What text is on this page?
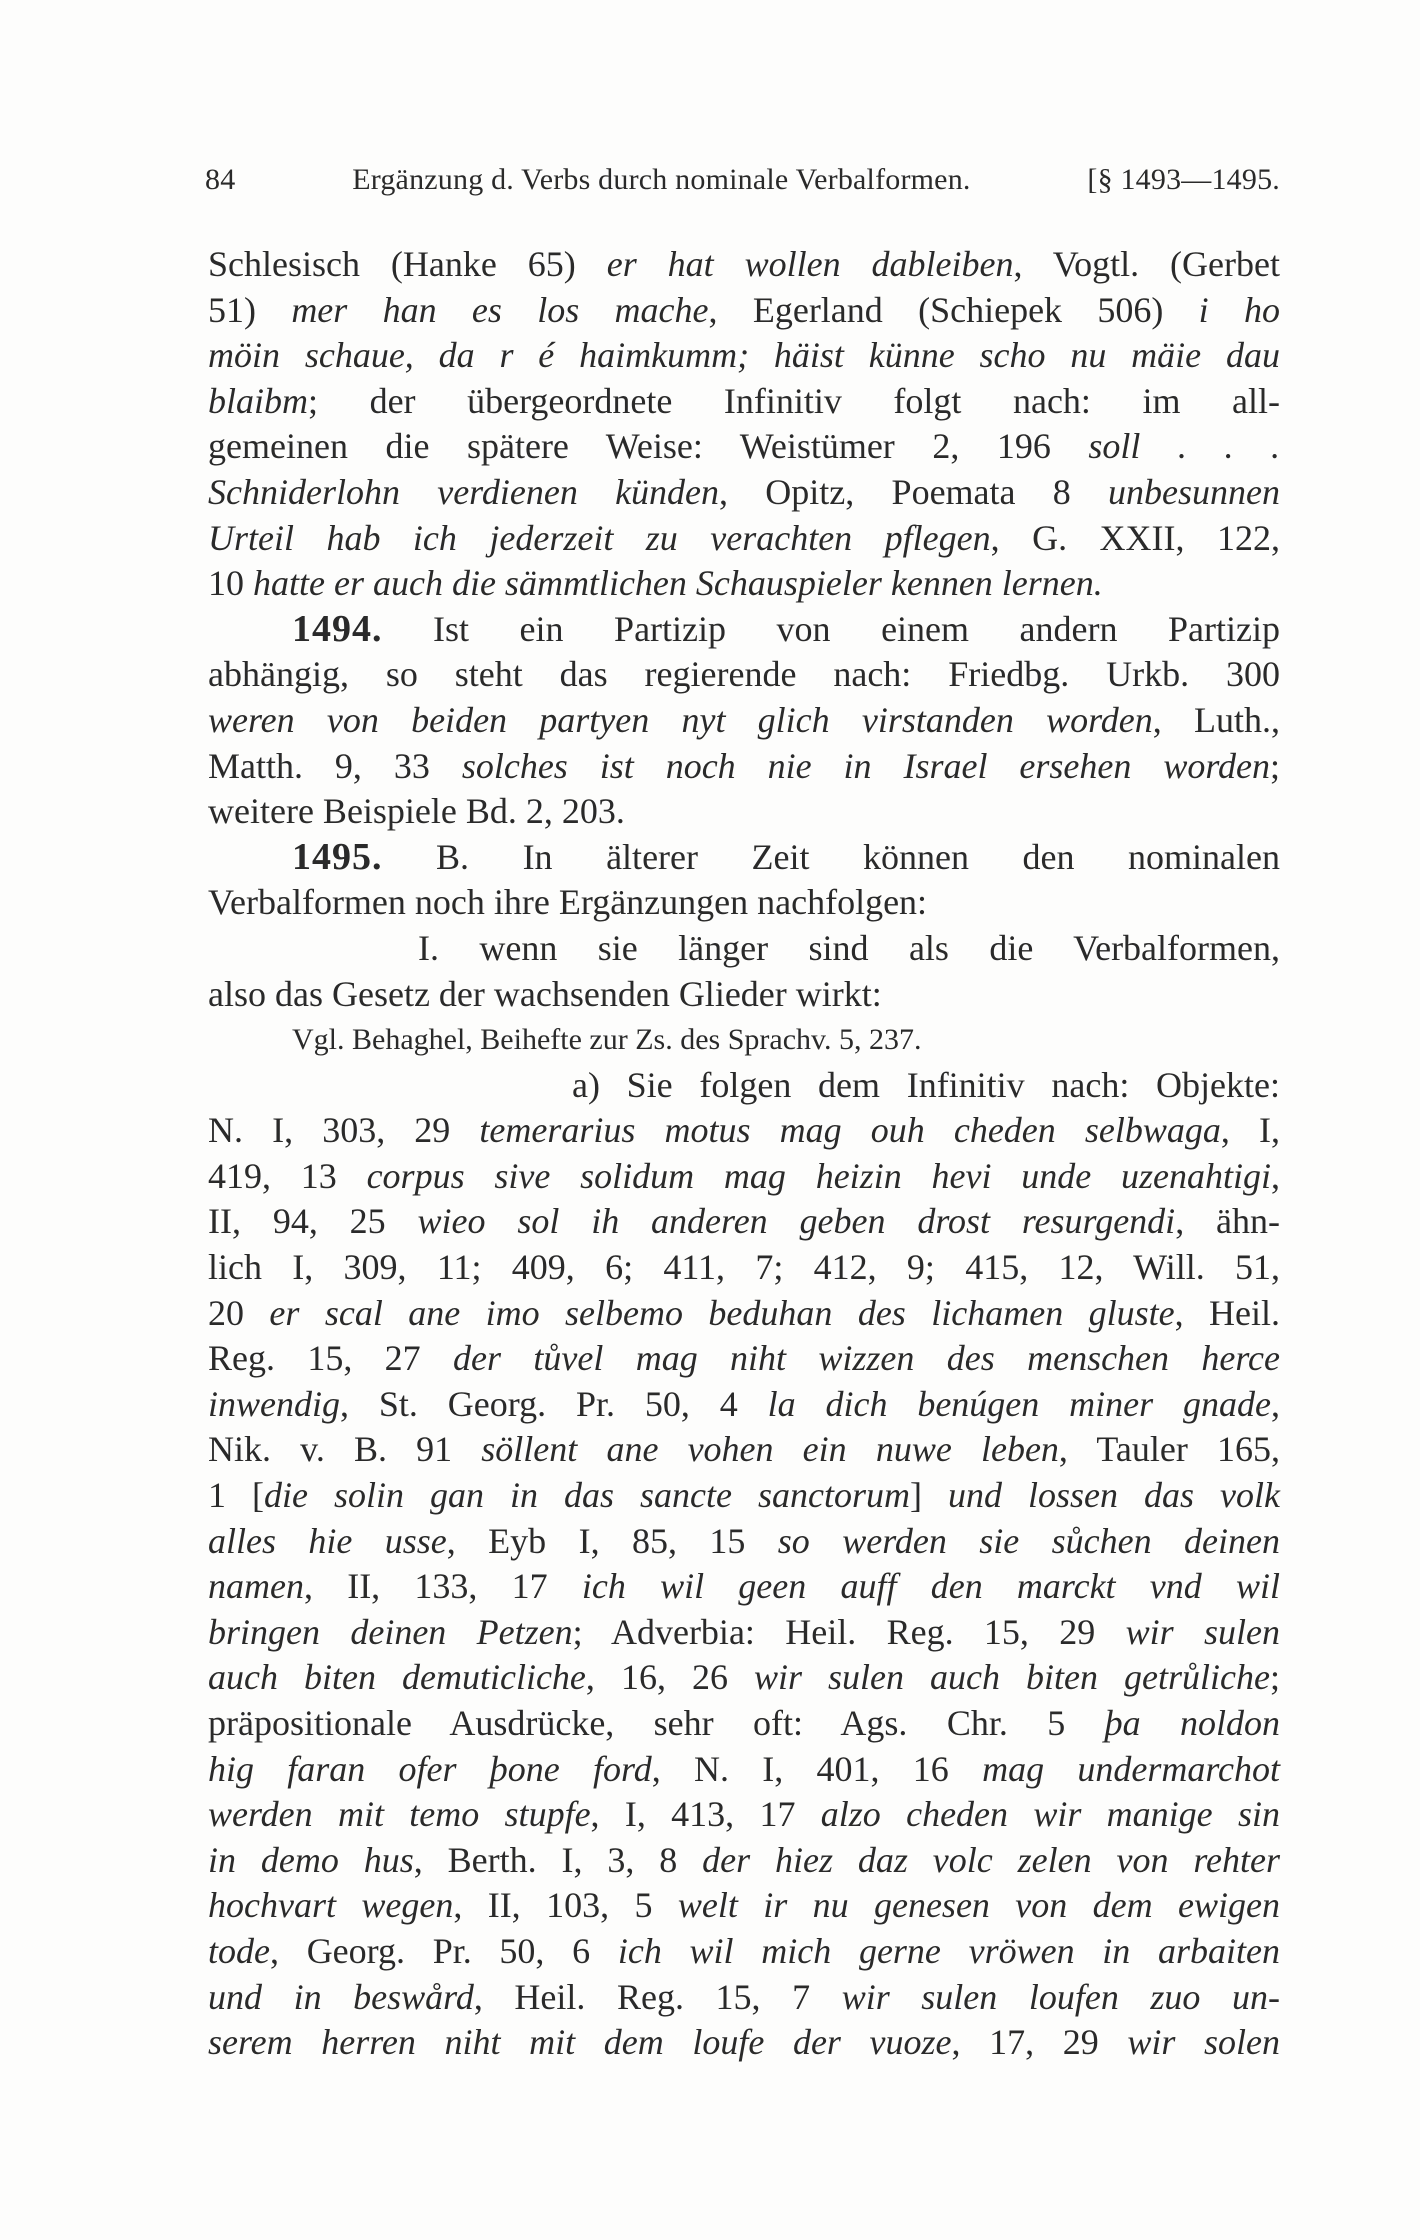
84	Ergänzung d. Verbs durch nominale Verbalformen.	[§ 1493—1495.
Schlesisch (Hanke 65) er hat wollen dableiben, Vogtl. (Gerbet
51) mer han es los mache, Egerland (Schiepek 506) i ho
möin schaue, da r é haimkumm; häist künne scho nu mäie dau
blaibm; der übergeordnete Infinitiv folgt nach: im all-
gemeinen die spätere Weise: Weistümer 2, 196 soll . . .
Schniderlohn verdienen künden, Opitz, Poemata 8 unbesunnen
Urteil hab ich jederzeit zu verachten pflegen, G. XXII, 122,
10 hatte er auch die sämmtlichen Schauspieler kennen lernen.
1494. Ist ein Partizip von einem andern Partizip
abhängig, so steht das regierende nach: Friedbg. Urkb. 300
weren von beiden partyen nyt glich virstanden worden, Luth.,
Matth. 9, 33 solches ist noch nie in Israel ersehen worden;
weitere Beispiele Bd. 2, 203.
1495. B. In älterer Zeit können den nominalen
Verbalformen noch ihre Ergänzungen nachfolgen:
I. wenn sie länger sind als die Verbalformen,
also das Gesetz der wachsenden Glieder wirkt:
Vgl. Behaghel, Beihefte zur Zs. des Sprachv. 5, 237.
a) Sie folgen dem Infinitiv nach: Objekte:
N. I, 303, 29 temerarius motus mag ouh cheden selbwaga, I,
419, 13 corpus sive solidum mag heizin hevi unde uzenahtigi,
II, 94, 25 wieo sol ih anderen geben drost resurgendi, ähn-
lich I, 309, 11; 409, 6; 411, 7; 412, 9; 415, 12, Will. 51,
20 er scal ane imo selbemo beduhan des lichamen gluste, Heil.
Reg. 15, 27 der tůvel mag niht wizzen des menschen herce
inwendig, St. Georg. Pr. 50, 4 la dich benúgen miner gnade,
Nik. v. B. 91 söllent ane vohen ein nuwe leben, Tauler 165,
1 [die solin gan in das sancte sanctorum] und lossen das volk
alles hie usse, Eyb I, 85, 15 so werden sie sůchen deinen
namen, II, 133, 17 ich wil geen auff den marckt vnd wil
bringen deinen Petzen; Adverbia: Heil. Reg. 15, 29 wir sulen
auch biten demuticliche, 16, 26 wir sulen auch biten getrůliche;
präpositionale Ausdrücke, sehr oft: Ags. Chr. 5 þa noldon
hig faran ofer þone ford, N. I, 401, 16 mag undermarchot
werden mit temo stupfe, I, 413, 17 alzo cheden wir manige sin
in demo hus, Berth. I, 3, 8 der hiez daz volc zelen von rehter
hochvart wegen, II, 103, 5 welt ir nu genesen von dem ewigen
tode, Georg. Pr. 50, 6 ich wil mich gerne vröwen in arbaiten
und in beswård, Heil. Reg. 15, 7 wir sulen loufen zuo un-
serem herren niht mit dem loufe der vuoze, 17, 29 wir solen
